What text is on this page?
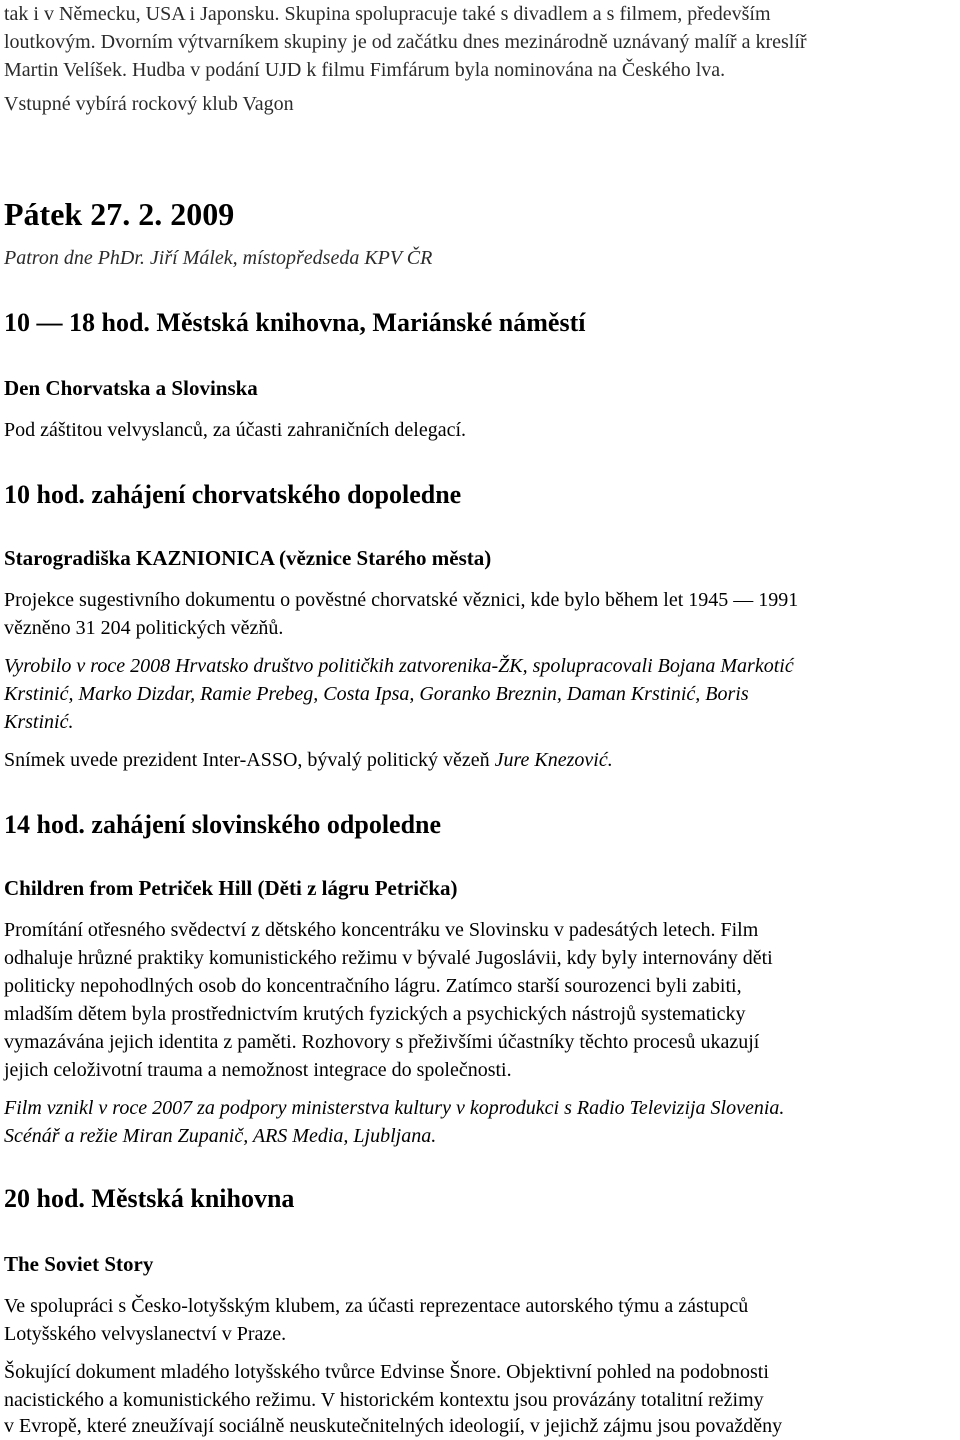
tak i v Německu, USA i Japonsku. Skupina spolupracuje také s divadlem a s filmem, především

loutkovým. Dvorním výtvarníkem skupiny je od začátku dnes mezinárodně uznávaný malíř a kreslíř

Martin Velíšek. Hudba v podání UJD k filmu Fimfárum byla nominována na Českého lva.

Vstupné vybírá rockový klub Vagon

Pátek 27. 2. 2009

Patron dne PhDr. Jiří Málek, místopředseda KPV ČR

10 — 18 hod. Městská knihovna, Mariánské náměstí

Den Chorvatska a Slovinska

Pod záštitou velvyslanců, za účasti zahraničních delegací.

10 hod. zahájení chorvatského dopoledne

Starogradiška KAZNIONICA (věznice Starého města)

Projekce sugestivního dokumentu o pověstné chorvatské věznici, kde bylo během let 1945 — 1991

vězněno 31 204 politických vězňů.

Vyrobilo v roce 2008 Hrvatsko društvo političkih zatvorenika-ŽK, spolupracovali Bojana Markotić

Krstinić, Marko Dizdar, Ramie Prebeg, Costa Ipsa, Goranko Breznin, Daman Krstinić, Boris

Krstinić.

Snímek uvede prezident Inter-ASSO, bývalý politický vězeň Jure Knezović.

14 hod. zahájení slovinského odpoledne

Children from Petriček Hill (Děti z lágru Petrička)

Promítání otřesného svědectví z dětského koncentráku ve Slovinsku v padesátých letech. Film

odhaluje hrůzné praktiky komunistického režimu v bývalé Jugoslávii, kdy byly internovány děti

politicky nepohodlných osob do koncentračního lágru. Zatímco starší sourozenci byli zabiti,

mladším dětem byla prostřednictvím krutých fyzických a psychických nástrojů systematicky

vymazávána jejich identita z paměti. Rozhovory s přeživšími účastníky těchto procesů ukazují

jejich celoživotní trauma a nemožnost integrace do společnosti.

Film vznikl v roce 2007 za podpory ministerstva kultury v koprodukci s Radio Televizija Slovenia.

Scénář a režie Miran Zupanič, ARS Media, Ljubljana.

20 hod. Městská knihovna

The Soviet Story

Ve spolupráci s Česko-lotyšským klubem, za účasti reprezentace autorského týmu a zástupců

Lotyšského velvyslanectví v Praze.

Šokující dokument mladého lotyšského tvůrce Edvinse Šnore. Objektivní pohled na podobnosti

nacistického a komunistického režimu. V historickém kontextu jsou provázány totalitní režimy

v Evropě, které zneužívají sociálně neuskutečnitelných ideologií, v jejichž zájmu jsou považděny
